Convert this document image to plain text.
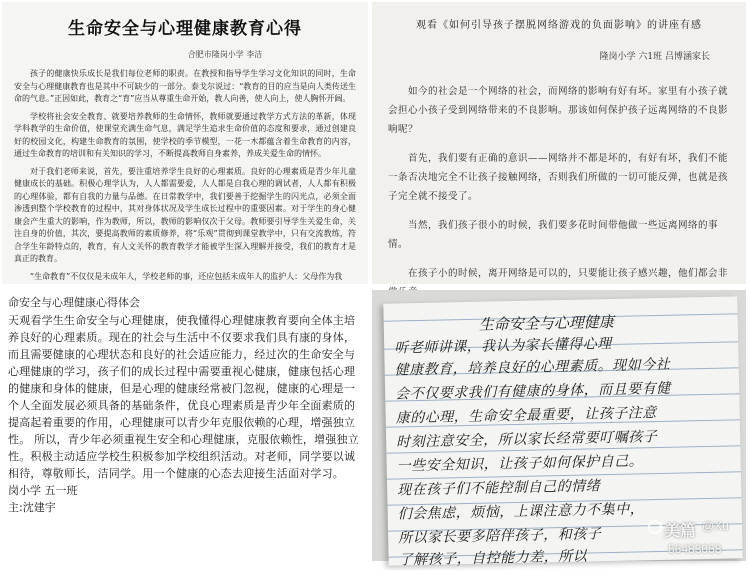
生命安全与心理健康教育心得
合肥市隆岗小学 李洁

孩子的健康快乐成长是我们每位老师的职责。在教授和指导学生学习文化知识的同时，生命安全与心理健康教育也是其中不可缺少的一部分。泰戈尔说过：“教育的目的应当是向人类传送生命的气息。”正因如此，教育之“育”应当从尊重生命开始，教人向善，使人向上，使人胸怀开阔。

学校将社会安全教育、就要培养教师的生命情怀，教师就要通过教学方式方法的革新，体现学科教学的生命价值，使课堂充满生命气息，满足学生追求生命价值的态度和要求，通过创建良好的校园文化，构建生命教育的氛围，使学校的季节模型，一花一木都蕴含着生命教育的内容，通过生命教育的培训和有关知识的学习，不断提高教师自身素养，养成关爱生命的情怀。

对于我们老师来说，首先，要注重培养学生良好的心理素质。良好的心理素质是青少年儿童健康成长的基础。积极心理学认为，人人都需要爱，人人都是自我心理的调试者，人人都有积极的心理体验，都有自我的力量与品德。在日常教学中，我们要善于挖掘学生的闪光点，必须全面渗透到整个学校教育的过程中，其对身体状况及学生成长过程中的重要因素。对于学生的身心健康会产生重大的影响，作为教师，所以，教师的影响仅次于父母。教师要引导学生关爱生命，关注自身的价值，其次，要提高教师的素质修养，将“乐观”贯彻到课堂教学中，只有交流教练，符合学生年龄特点的，教育，有人文关怀的教育教学才能被学生深入理解并接受，我们的教育才是真正的教育。

“生命教育”不仅仅是未成年人，学校老师的事，还应包括未成年人的监护人：父母作为我

观看《如何引导孩子摆脱网络游戏的负面影响》的讲座有感
隆岗小学 六1班 吕博涵家长

如今的社会是一个网络的社会，而网络的影响有好有坏。家里有小孩子就会担心小孩子受到网络带来的不良影响。那该如何保护孩子远离网络的不良影响呢？

首先，我们要有正确的意识——网络并不都是坏的，有好有坏，我们不能一条否决地完全不让孩子接触网络，否则我们所做的一切可能反弹，也就是孩子完全就不接受了。

当然，我们孩子很小的时候，我们要多花时间带他做一些远离网络的事情。

在孩子小的时候，离开网络是可以的，只要能让孩子感兴趣，他们都会非

命安全与心理健康心得体会

天观看学生生命安全与心理健康，使我懂得心理健康教育要向全体主培养良好的心理素质。现在的社会与生活中不仅要求我们具有康的身体，而且需要健康的心理状态和良好的社会适应能力，经过次的生命安全与心理健康的学习，孩子们的成长过程中需要重视心健康，健康包括心理的健康和身体的健康，但是心理的健康经常被门忽视，健康的心理是一个人全面发展必须具备的基础条件，优良心理素质是青少年全面素质的提高起着重要的作用，心理健康可以青少年克服依赖的心理，增强独立性。 所以，青少年必须重视生安全和心理健康，克服依赖性，增强独立性。积极主动适应学校生积极参加学校组织活动。对老师，同学要以诚相待，尊敬师长，洁同学。用一个健康的心态去迎接生活面对学习。

岗小学 五一班
主:沈建宇
生命安全与心理健康
听老师讲课，我认为家长懂得心理
健康教育，培养良好的心理素质。现如今社
会不仅要求我们有健康的身体，而且要有健
康的心理，生命安全最重要，让孩子注意
时刻注意安全，所以家长经常要叮嘱孩子
一些安全知识，让孩子如何保护自己。
现在孩子们不能控制自己的情绪
们会焦虑，烦恼，上课注意力不集中，
所以家长要多陪伴孩子，和孩子
了解孩子，自控能力差，所以
美篇 @Xu
56483068
